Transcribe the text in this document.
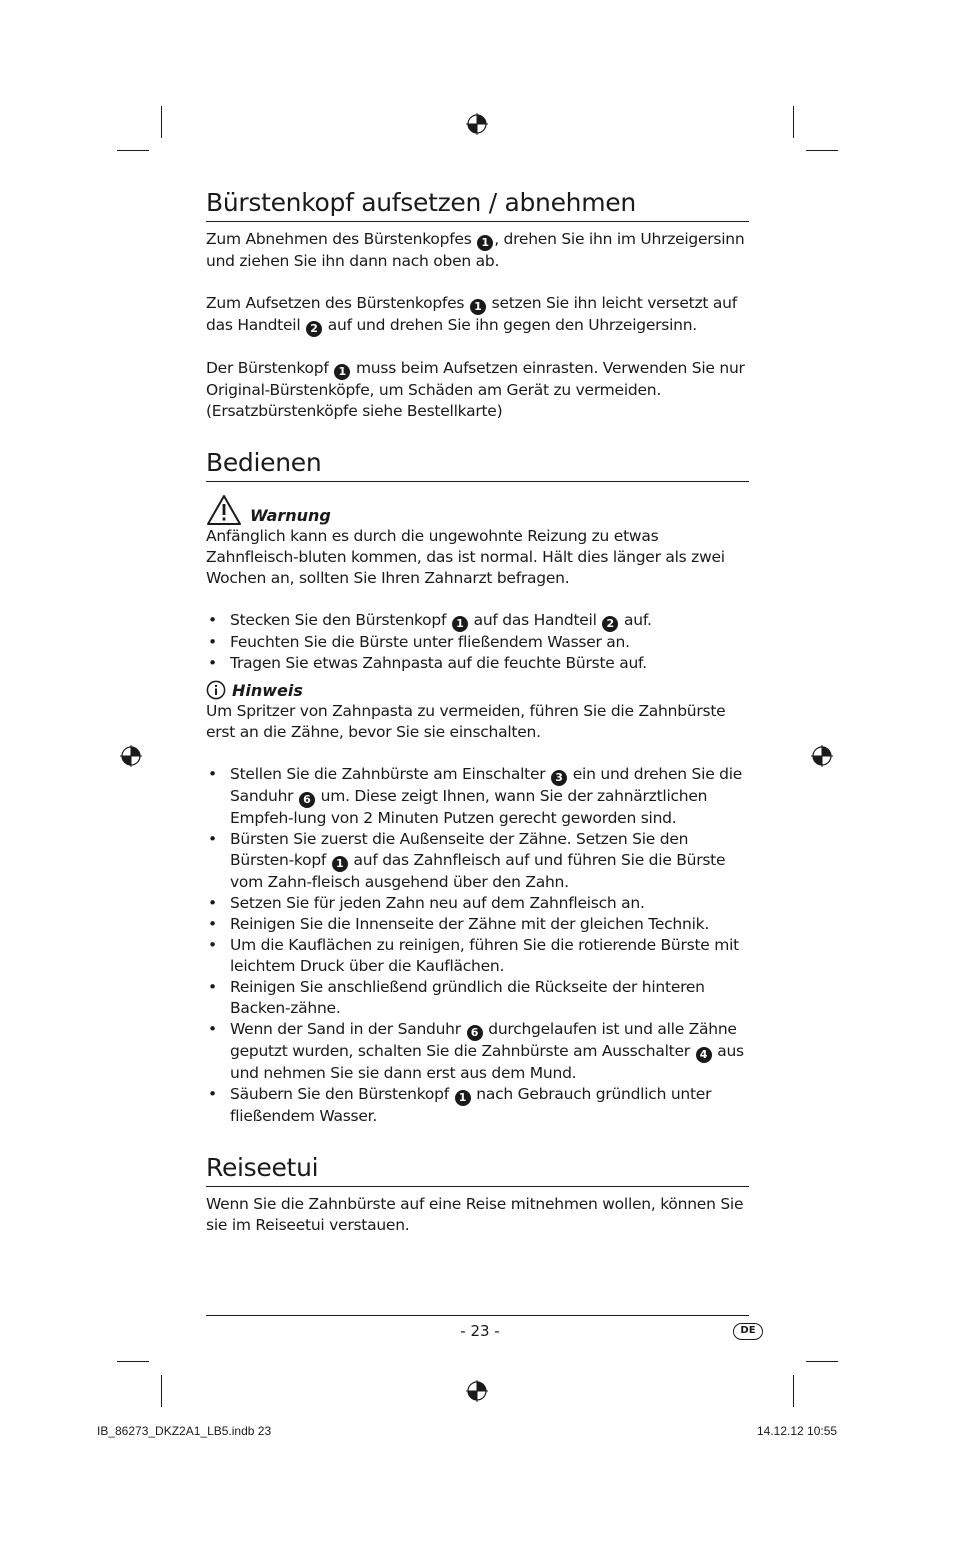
Bürstenkopf aufsetzen / abnehmen

Zum Abnehmen des Bürstenkopfes 1 , drehen Sie ihn im Uhrzeigersinn und ziehen Sie ihn dann nach oben ab.

Zum Aufsetzen des Bürstenkopfes 1 setzen Sie ihn leicht versetzt auf das Handteil 2 auf und drehen Sie ihn gegen den Uhrzeigersinn.

Der Bürstenkopf 1 muss beim Aufsetzen einrasten. Verwenden Sie nur Original-Bürstenköpfe, um Schäden am Gerät zu vermeiden.
(Ersatzbürstenköpfe siehe Bestellkarte)

Bedienen
Warnung

Anfänglich kann es durch die ungewohnte Reizung zu etwas Zahnfleisch-bluten kommen, das ist normal. Hält dies länger als zwei Wochen an, sollten Sie Ihren Zahnarzt befragen.

• Stecken Sie den Bürstenkopf 1 auf das Handteil 2 auf.
• Feuchten Sie die Bürste unter fließendem Wasser an.
• Tragen Sie etwas Zahnpasta auf die feuchte Bürste auf.
Hinweis

Um Spritzer von Zahnpasta zu vermeiden, führen Sie die Zahnbürste erst an die Zähne, bevor Sie sie einschalten.

• Stellen Sie die Zahnbürste am Einschalter 3 ein und drehen Sie die Sanduhr 6 um. Diese zeigt Ihnen, wann Sie der zahnärztlichen Empfeh-lung von 2 Minuten Putzen gerecht geworden sind.
• Bürsten Sie zuerst die Außenseite der Zähne. Setzen Sie den Bürsten-kopf 1 auf das Zahnfleisch auf und führen Sie die Bürste vom Zahn-fleisch ausgehend über den Zahn.
• Setzen Sie für jeden Zahn neu auf dem Zahnfleisch an.
• Reinigen Sie die Innenseite der Zähne mit der gleichen Technik.
• Um die Kauflächen zu reinigen, führen Sie die rotierende Bürste mit leichtem Druck über die Kauflächen.
• Reinigen Sie anschließend gründlich die Rückseite der hinteren Backen-zähne.
• Wenn der Sand in der Sanduhr 6 durchgelaufen ist und alle Zähne geputzt wurden, schalten Sie die Zahnbürste am Ausschalter 4 aus und nehmen Sie sie dann erst aus dem Mund.
• Säubern Sie den Bürstenkopf 1 nach Gebrauch gründlich unter fließendem Wasser.
Reiseetui

Wenn Sie die Zahnbürste auf eine Reise mitnehmen wollen, können Sie sie im Reiseetui verstauen.

- 23 -	DE
IB_86273_DKZ2A1_LB5.indb 23	14.12.12 10:55
